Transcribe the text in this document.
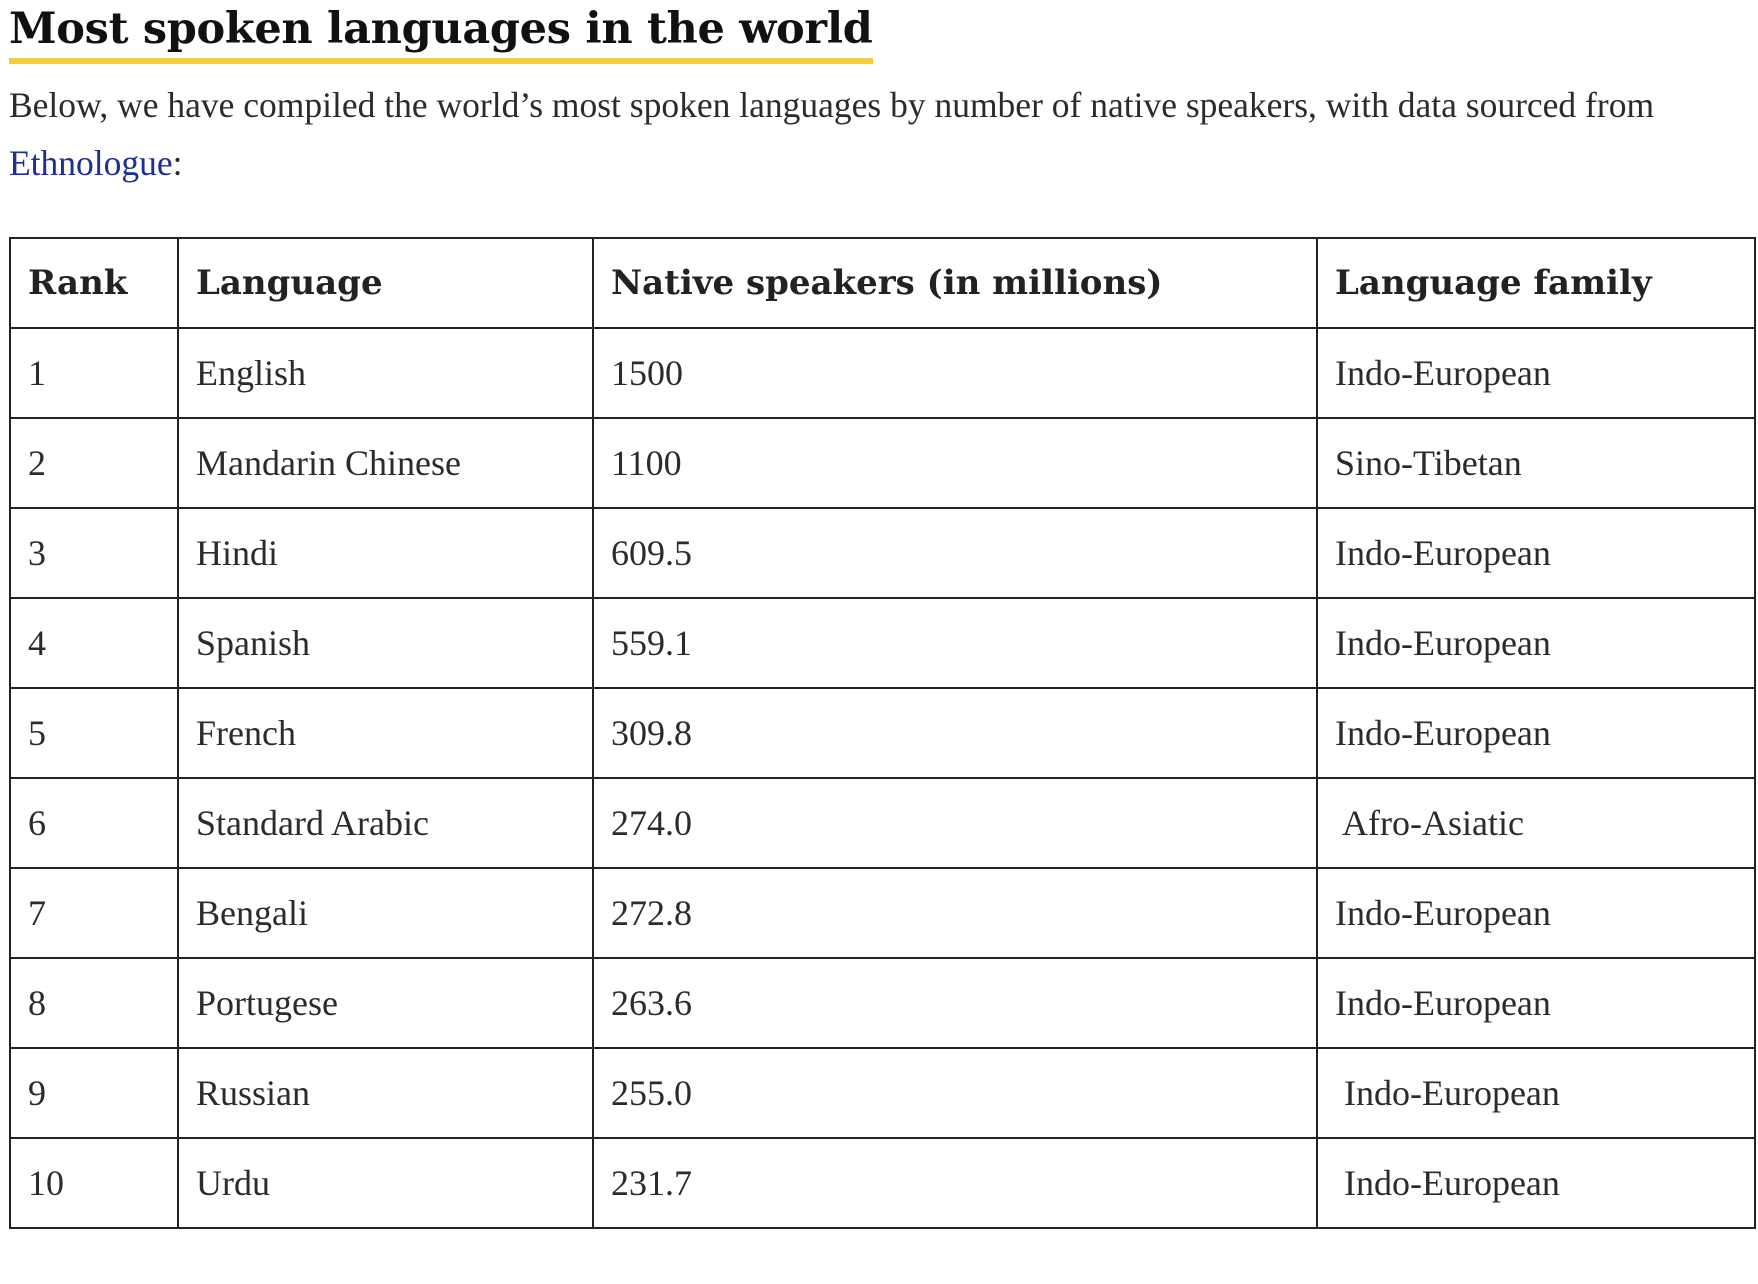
Most spoken languages in the world

Below, we have compiled the world’s most spoken languages by number of native speakers, with data sourced from Ethnologue:

Rank	Language	Native speakers (in millions)	Language family
1	English	1500	Indo-European
2	Mandarin Chinese	1100	Sino-Tibetan
3	Hindi	609.5	Indo-European
4	Spanish	559.1	Indo-European
5	French	309.8	Indo-European
6	Standard Arabic	274.0	Afro-Asiatic
7	Bengali	272.8	Indo-European
8	Portugese	263.6	Indo-European
9	Russian	255.0	Indo-European
10	Urdu	231.7	Indo-European
